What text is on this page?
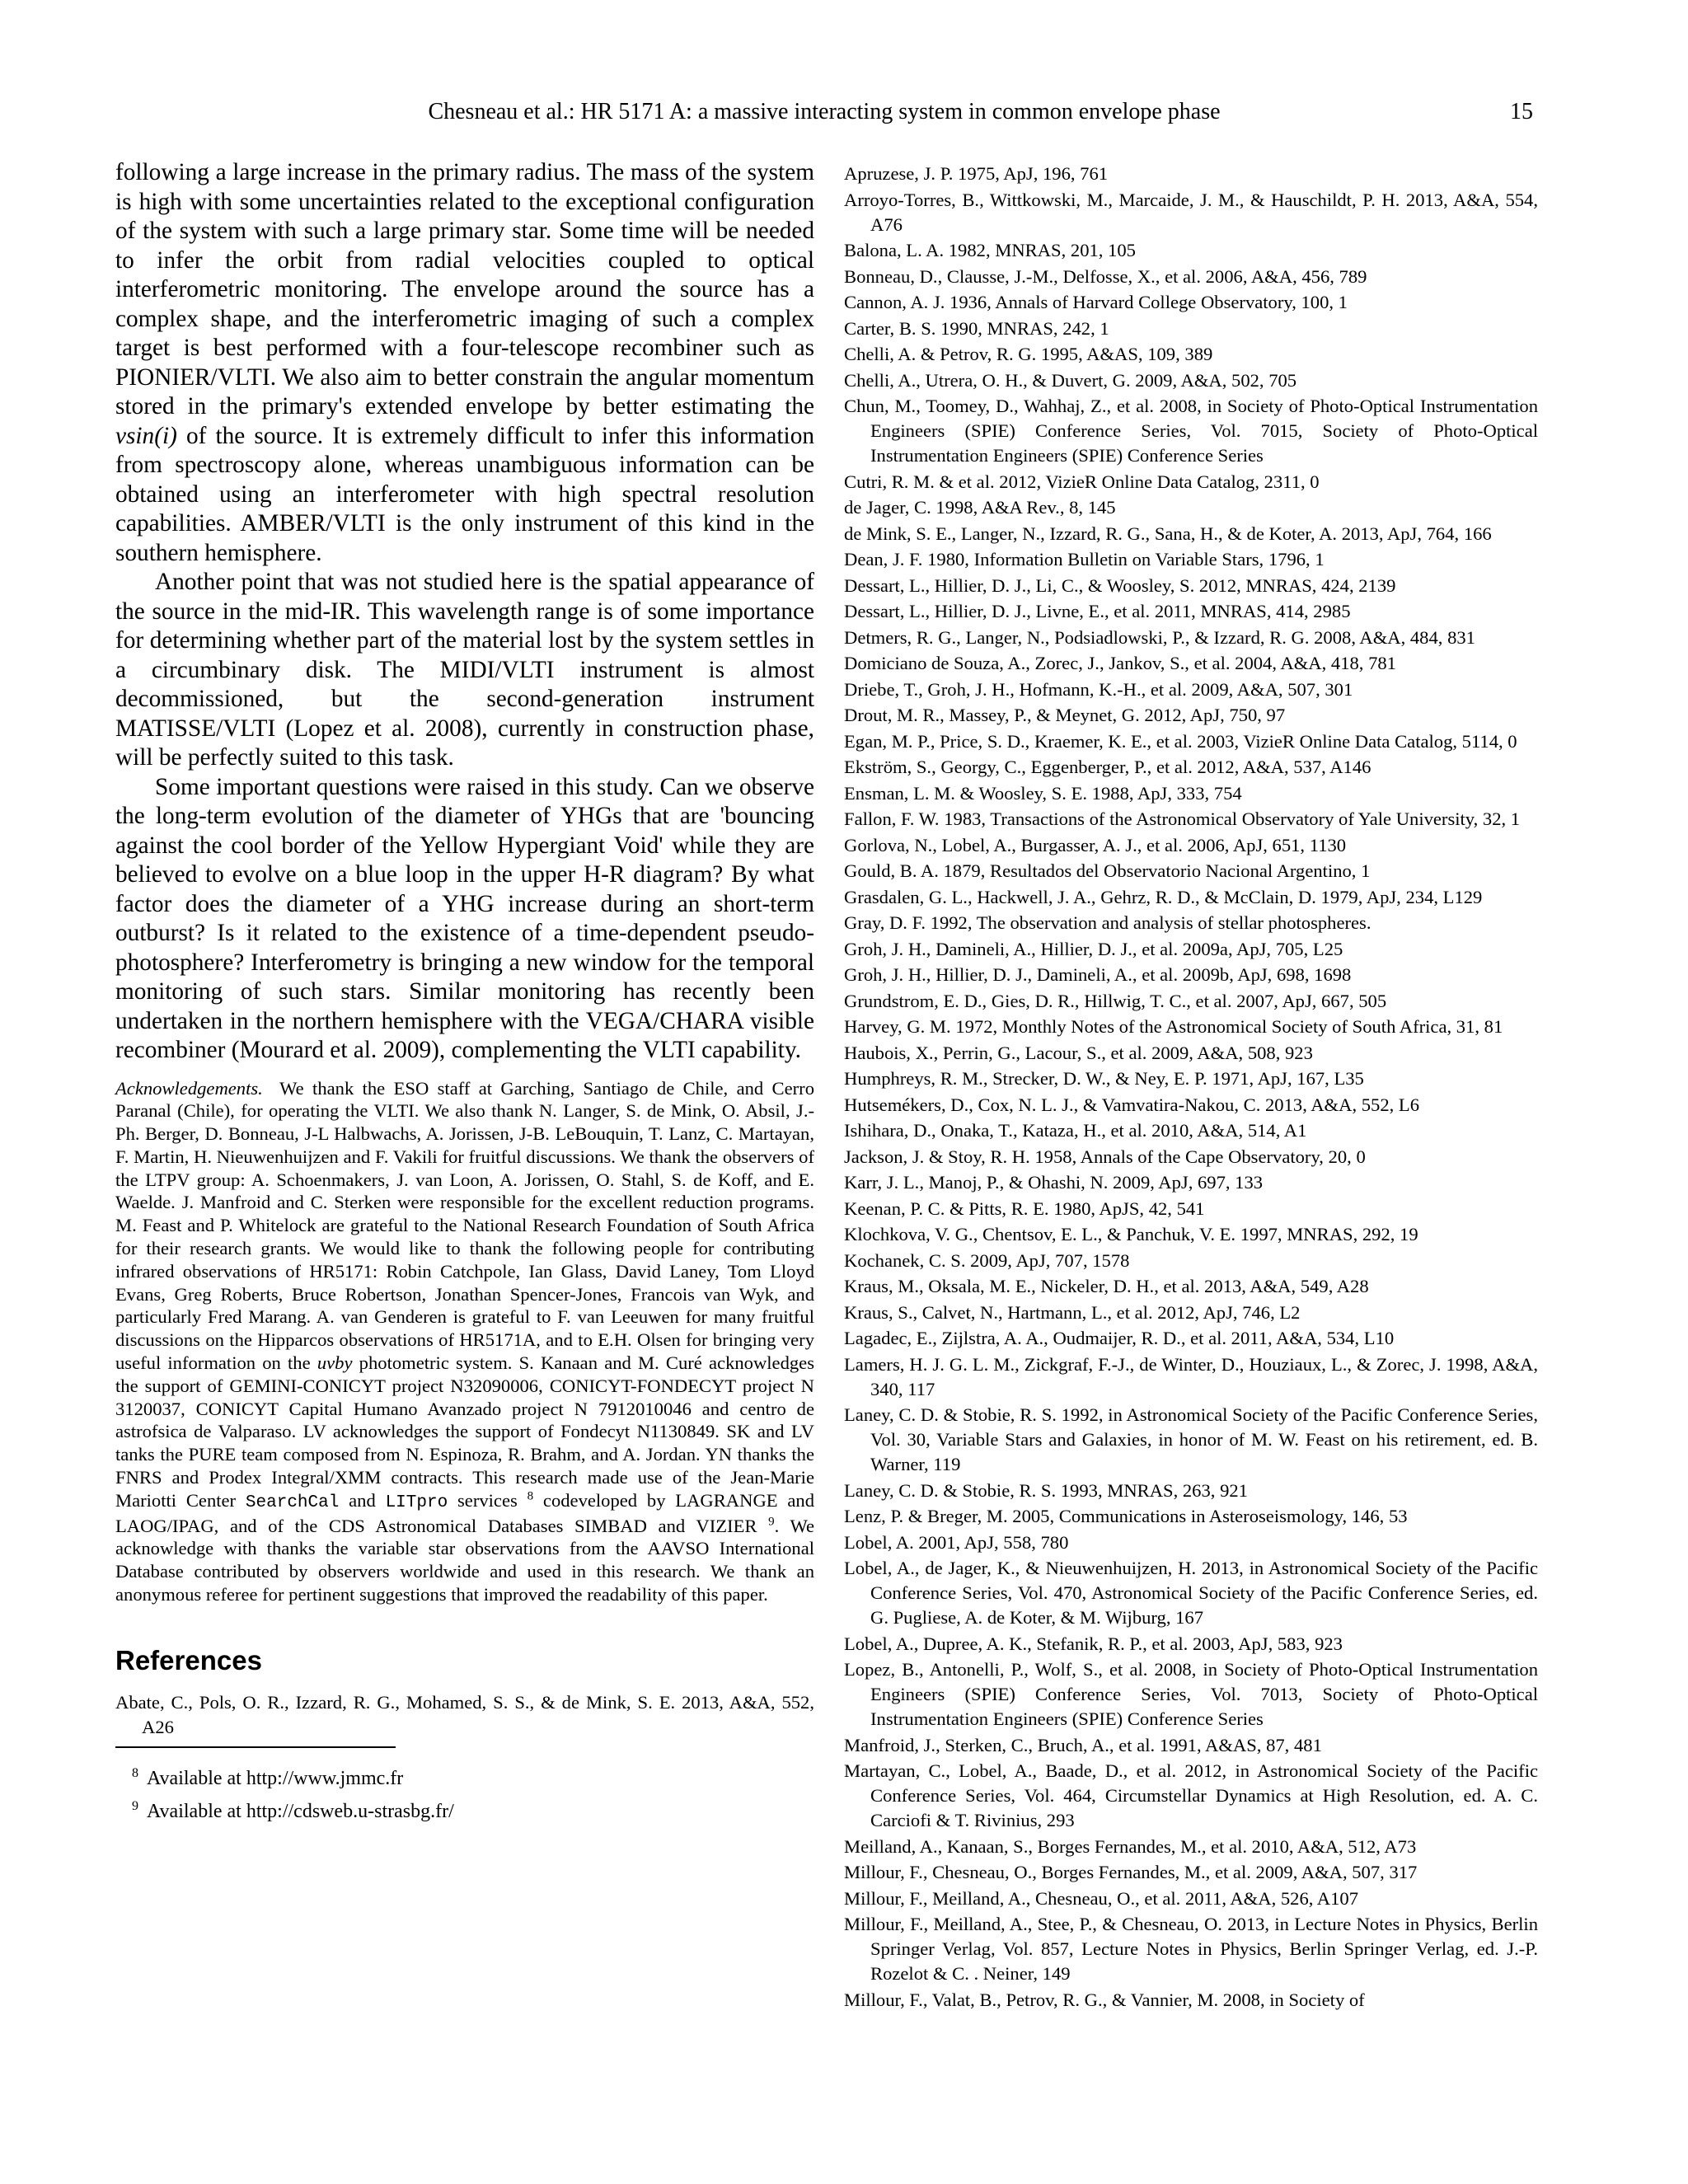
Chesneau et al.: HR 5171 A: a massive interacting system in common envelope phase	15

following a large increase in the primary radius. The mass of the system is high with some uncertainties related to the exceptional configuration of the system with such a large primary star. Some time will be needed to infer the orbit from radial velocities coupled to optical interferometric monitoring. The envelope around the source has a complex shape, and the interferometric imaging of such a complex target is best performed with a four-telescope recombiner such as PIONIER/VLTI. We also aim to better constrain the angular momentum stored in the primary's extended envelope by better estimating the vsin(i) of the source. It is extremely difficult to infer this information from spectroscopy alone, whereas unambiguous information can be obtained using an interferometer with high spectral resolution capabilities. AMBER/VLTI is the only instrument of this kind in the southern hemisphere.

Another point that was not studied here is the spatial appearance of the source in the mid-IR. This wavelength range is of some importance for determining whether part of the material lost by the system settles in a circumbinary disk. The MIDI/VLTI instrument is almost decommissioned, but the second-generation instrument MATISSE/VLTI (Lopez et al. 2008), currently in construction phase, will be perfectly suited to this task.

Some important questions were raised in this study. Can we observe the long-term evolution of the diameter of YHGs that are 'bouncing against the cool border of the Yellow Hypergiant Void' while they are believed to evolve on a blue loop in the upper H-R diagram? By what factor does the diameter of a YHG increase during an short-term outburst? Is it related to the existence of a time-dependent pseudo-photosphere? Interferometry is bringing a new window for the temporal monitoring of such stars. Similar monitoring has recently been undertaken in the northern hemisphere with the VEGA/CHARA visible recombiner (Mourard et al. 2009), complementing the VLTI capability.

Acknowledgements. We thank the ESO staff at Garching, Santiago de Chile, and Cerro Paranal (Chile), for operating the VLTI. We also thank N. Langer, S. de Mink, O. Absil, J.-Ph. Berger, D. Bonneau, J-L Halbwachs, A. Jorissen, J-B. LeBouquin, T. Lanz, C. Martayan, F. Martin, H. Nieuwenhuijzen and F. Vakili for fruitful discussions. We thank the observers of the LTPV group: A. Schoenmakers, J. van Loon, A. Jorissen, O. Stahl, S. de Koff, and E. Waelde. J. Manfroid and C. Sterken were responsible for the excellent reduction programs. M. Feast and P. Whitelock are grateful to the National Research Foundation of South Africa for their research grants. We would like to thank the following people for contributing infrared observations of HR5171: Robin Catchpole, Ian Glass, David Laney, Tom Lloyd Evans, Greg Roberts, Bruce Robertson, Jonathan Spencer-Jones, Francois van Wyk, and particularly Fred Marang. A. van Genderen is grateful to F. van Leeuwen for many fruitful discussions on the Hipparcos observations of HR5171A, and to E.H. Olsen for bringing very useful information on the uvby photometric system. S. Kanaan and M. Curé acknowledges the support of GEMINI-CONICYT project N32090006, CONICYT-FONDECYT project N 3120037, CONICYT Capital Humano Avanzado project N 7912010046 and centro de astrofsica de Valparaso. LV acknowledges the support of Fondecyt N1130849. SK and LV tanks the PURE team composed from N. Espinoza, R. Brahm, and A. Jordan. YN thanks the FNRS and Prodex Integral/XMM contracts. This research made use of the Jean-Marie Mariotti Center SearchCal and LITpro services $^8$ codeveloped by LAGRANGE and LAOG/IPAG, and of the CDS Astronomical Databases SIMBAD and VIZIER $^9$. We acknowledge with thanks the variable star observations from the AAVSO International Database contributed by observers worldwide and used in this research. We thank an anonymous referee for pertinent suggestions that improved the readability of this paper.
References
Abate, C., Pols, O. R., Izzard, R. G., Mohamed, S. S., & de Mink, S. E. 2013, A&A, 552, A26
$^8$ Available at http://www.jmmc.fr
$^9$ Available at http://cdsweb.u-strasbg.fr/
Apruzese, J. P. 1975, ApJ, 196, 761
Arroyo-Torres, B., Wittkowski, M., Marcaide, J. M., & Hauschildt, P. H. 2013, A&A, 554, A76
Balona, L. A. 1982, MNRAS, 201, 105
Bonneau, D., Clausse, J.-M., Delfosse, X., et al. 2006, A&A, 456, 789
Cannon, A. J. 1936, Annals of Harvard College Observatory, 100, 1
Carter, B. S. 1990, MNRAS, 242, 1
Chelli, A. & Petrov, R. G. 1995, A&AS, 109, 389
Chelli, A., Utrera, O. H., & Duvert, G. 2009, A&A, 502, 705
Chun, M., Toomey, D., Wahhaj, Z., et al. 2008, in Society of Photo-Optical Instrumentation Engineers (SPIE) Conference Series, Vol. 7015, Society of Photo-Optical Instrumentation Engineers (SPIE) Conference Series
Cutri, R. M. & et al. 2012, VizieR Online Data Catalog, 2311, 0
de Jager, C. 1998, A&A Rev., 8, 145
de Mink, S. E., Langer, N., Izzard, R. G., Sana, H., & de Koter, A. 2013, ApJ, 764, 166
Dean, J. F. 1980, Information Bulletin on Variable Stars, 1796, 1
Dessart, L., Hillier, D. J., Li, C., & Woosley, S. 2012, MNRAS, 424, 2139
Dessart, L., Hillier, D. J., Livne, E., et al. 2011, MNRAS, 414, 2985
Detmers, R. G., Langer, N., Podsiadlowski, P., & Izzard, R. G. 2008, A&A, 484, 831
Domiciano de Souza, A., Zorec, J., Jankov, S., et al. 2004, A&A, 418, 781
Driebe, T., Groh, J. H., Hofmann, K.-H., et al. 2009, A&A, 507, 301
Drout, M. R., Massey, P., & Meynet, G. 2012, ApJ, 750, 97
Egan, M. P., Price, S. D., Kraemer, K. E., et al. 2003, VizieR Online Data Catalog, 5114, 0
Ekström, S., Georgy, C., Eggenberger, P., et al. 2012, A&A, 537, A146
Ensman, L. M. & Woosley, S. E. 1988, ApJ, 333, 754
Fallon, F. W. 1983, Transactions of the Astronomical Observatory of Yale University, 32, 1
Gorlova, N., Lobel, A., Burgasser, A. J., et al. 2006, ApJ, 651, 1130
Gould, B. A. 1879, Resultados del Observatorio Nacional Argentino, 1
Grasdalen, G. L., Hackwell, J. A., Gehrz, R. D., & McClain, D. 1979, ApJ, 234, L129
Gray, D. F. 1992, The observation and analysis of stellar photospheres.
Groh, J. H., Damineli, A., Hillier, D. J., et al. 2009a, ApJ, 705, L25
Groh, J. H., Hillier, D. J., Damineli, A., et al. 2009b, ApJ, 698, 1698
Grundstrom, E. D., Gies, D. R., Hillwig, T. C., et al. 2007, ApJ, 667, 505
Harvey, G. M. 1972, Monthly Notes of the Astronomical Society of South Africa, 31, 81
Haubois, X., Perrin, G., Lacour, S., et al. 2009, A&A, 508, 923
Humphreys, R. M., Strecker, D. W., & Ney, E. P. 1971, ApJ, 167, L35
Hutsemékers, D., Cox, N. L. J., & Vamvatira-Nakou, C. 2013, A&A, 552, L6
Ishihara, D., Onaka, T., Kataza, H., et al. 2010, A&A, 514, A1
Jackson, J. & Stoy, R. H. 1958, Annals of the Cape Observatory, 20, 0
Karr, J. L., Manoj, P., & Ohashi, N. 2009, ApJ, 697, 133
Keenan, P. C. & Pitts, R. E. 1980, ApJS, 42, 541
Klochkova, V. G., Chentsov, E. L., & Panchuk, V. E. 1997, MNRAS, 292, 19
Kochanek, C. S. 2009, ApJ, 707, 1578
Kraus, M., Oksala, M. E., Nickeler, D. H., et al. 2013, A&A, 549, A28
Kraus, S., Calvet, N., Hartmann, L., et al. 2012, ApJ, 746, L2
Lagadec, E., Zijlstra, A. A., Oudmaijer, R. D., et al. 2011, A&A, 534, L10
Lamers, H. J. G. L. M., Zickgraf, F.-J., de Winter, D., Houziaux, L., & Zorec, J. 1998, A&A, 340, 117
Laney, C. D. & Stobie, R. S. 1992, in Astronomical Society of the Pacific Conference Series, Vol. 30, Variable Stars and Galaxies, in honor of M. W. Feast on his retirement, ed. B. Warner, 119
Laney, C. D. & Stobie, R. S. 1993, MNRAS, 263, 921
Lenz, P. & Breger, M. 2005, Communications in Asteroseismology, 146, 53
Lobel, A. 2001, ApJ, 558, 780
Lobel, A., de Jager, K., & Nieuwenhuijzen, H. 2013, in Astronomical Society of the Pacific Conference Series, Vol. 470, Astronomical Society of the Pacific Conference Series, ed. G. Pugliese, A. de Koter, & M. Wijburg, 167
Lobel, A., Dupree, A. K., Stefanik, R. P., et al. 2003, ApJ, 583, 923
Lopez, B., Antonelli, P., Wolf, S., et al. 2008, in Society of Photo-Optical Instrumentation Engineers (SPIE) Conference Series, Vol. 7013, Society of Photo-Optical Instrumentation Engineers (SPIE) Conference Series
Manfroid, J., Sterken, C., Bruch, A., et al. 1991, A&AS, 87, 481
Martayan, C., Lobel, A., Baade, D., et al. 2012, in Astronomical Society of the Pacific Conference Series, Vol. 464, Circumstellar Dynamics at High Resolution, ed. A. C. Carciofi & T. Rivinius, 293
Meilland, A., Kanaan, S., Borges Fernandes, M., et al. 2010, A&A, 512, A73
Millour, F., Chesneau, O., Borges Fernandes, M., et al. 2009, A&A, 507, 317
Millour, F., Meilland, A., Chesneau, O., et al. 2011, A&A, 526, A107
Millour, F., Meilland, A., Stee, P., & Chesneau, O. 2013, in Lecture Notes in Physics, Berlin Springer Verlag, Vol. 857, Lecture Notes in Physics, Berlin Springer Verlag, ed. J.-P. Rozelot & C. . Neiner, 149
Millour, F., Valat, B., Petrov, R. G., & Vannier, M. 2008, in Society of
